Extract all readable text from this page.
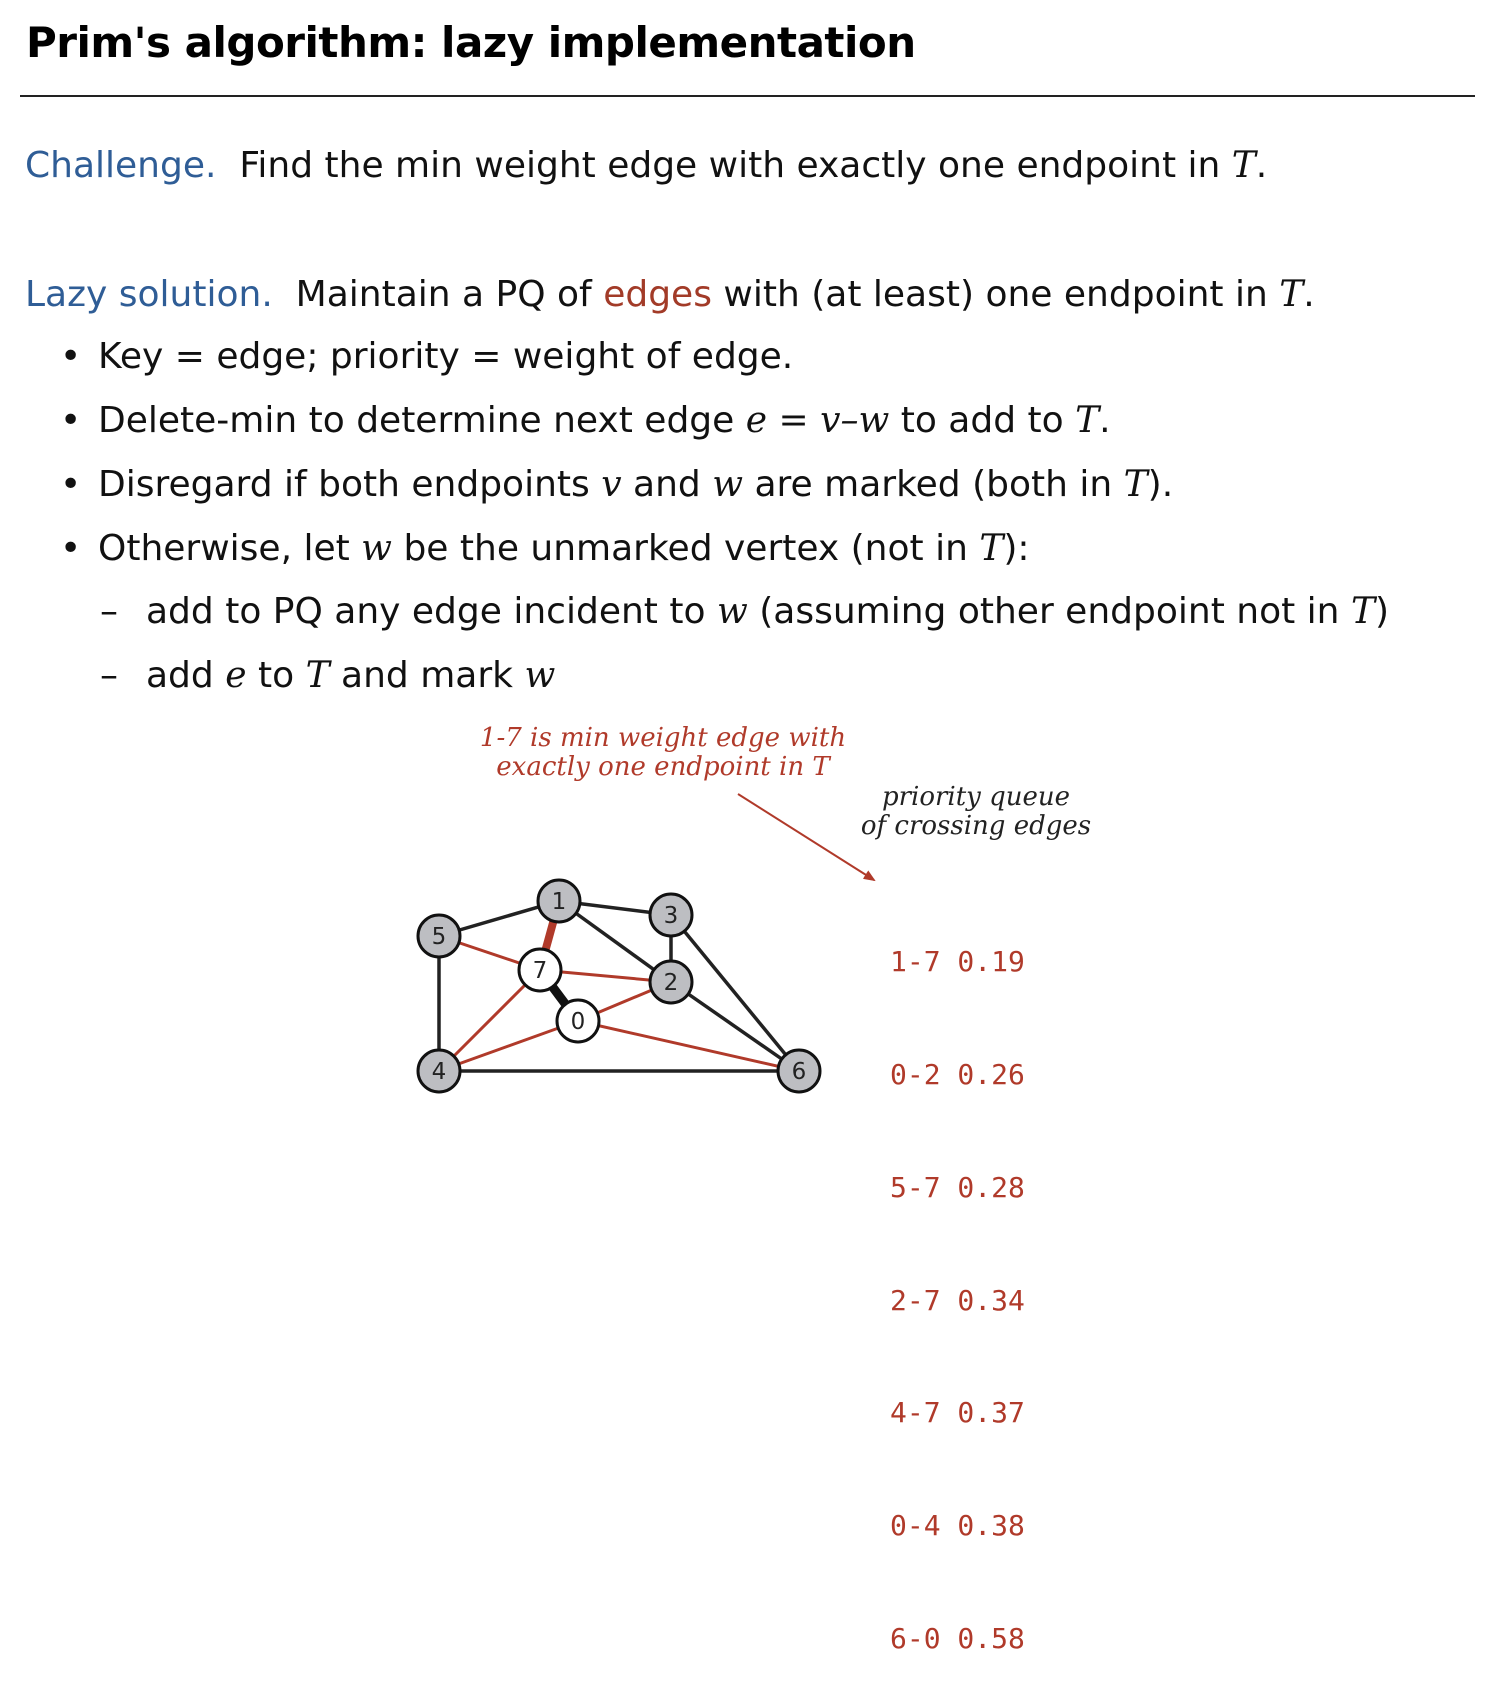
Prim's algorithm: lazy implementation
Challenge. Find the min weight edge with exactly one endpoint in T.
Lazy solution. Maintain a PQ of edges with (at least) one endpoint in T.
• Key = edge; priority = weight of edge.
• Delete-min to determine next edge e = v–w to add to T.
• Disregard if both endpoints v and w are marked (both in T).
• Otherwise, let w be the unmarked vertex (not in T):
– add to PQ any edge incident to w (assuming other endpoint not in T)
– add e to T and mark w
1-7 is min weight edge with
exactly one endpoint in T
priority queue
of crossing edges

1-7 0.19

0-2 0.26

5-7 0.28

2-7 0.34

4-7 0.37

0-4 0.38

6-0 0.58

0
1
2
3
4
5
6
7
